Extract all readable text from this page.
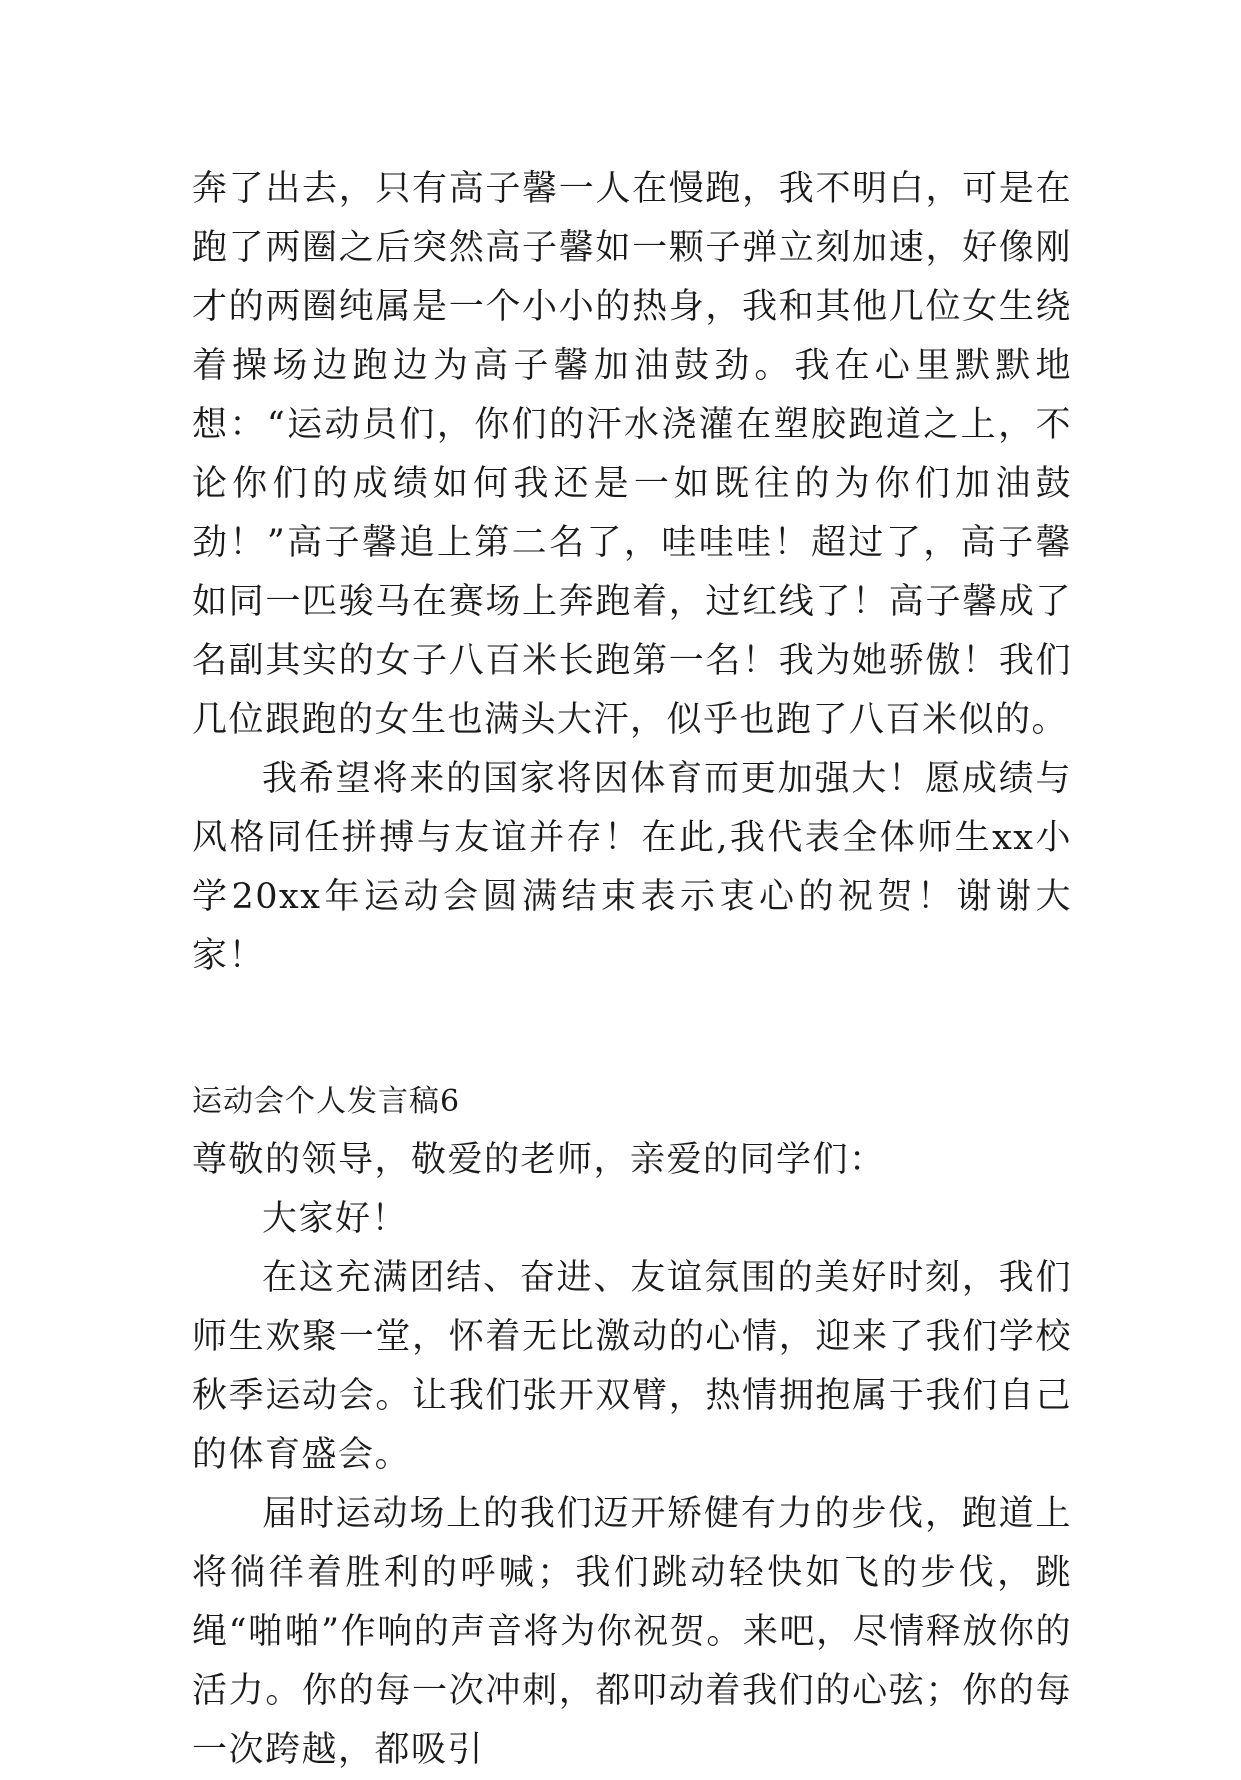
奔了出去，只有高子馨一人在慢跑，我不明白，可是在跑了两圈之后突然高子馨如一颗子弹立刻加速，好像刚才的两圈纯属是一个小小的热身，我和其他几位女生绕着操场边跑边为高子馨加油鼓劲。我在心里默默地想：“运动员们，你们的汗水浇灌在塑胶跑道之上，不论你们的成绩如何我还是一如既往的为你们加油鼓劲！”高子馨追上第二名了，哇哇哇！超过了，高子馨如同一匹骏马在赛场上奔跑着，过红线了！高子馨成了名副其实的女子八百米长跑第一名！我为她骄傲！我们几位跟跑的女生也满头大汗，似乎也跑了八百米似的。

我希望将来的国家将因体育而更加强大！愿成绩与风格同任拼搏与友谊并存！在此,我代表全体师生xx小学20xx年运动会圆满结束表示衷心的祝贺！谢谢大家！

运动会个人发言稿6

尊敬的领导，敬爱的老师，亲爱的同学们：

大家好！

在这充满团结、奋进、友谊氛围的美好时刻，我们师生欢聚一堂，怀着无比激动的心情，迎来了我们学校秋季运动会。让我们张开双臂，热情拥抱属于我们自己的体育盛会。

届时运动场上的我们迈开矫健有力的步伐，跑道上将徜徉着胜利的呼喊；我们跳动轻快如飞的步伐，跳绳“啪啪”作响的声音将为你祝贺。来吧，尽情释放你的活力。你的每一次冲刺，都叩动着我们的心弦；你的每一次跨越，都吸引
